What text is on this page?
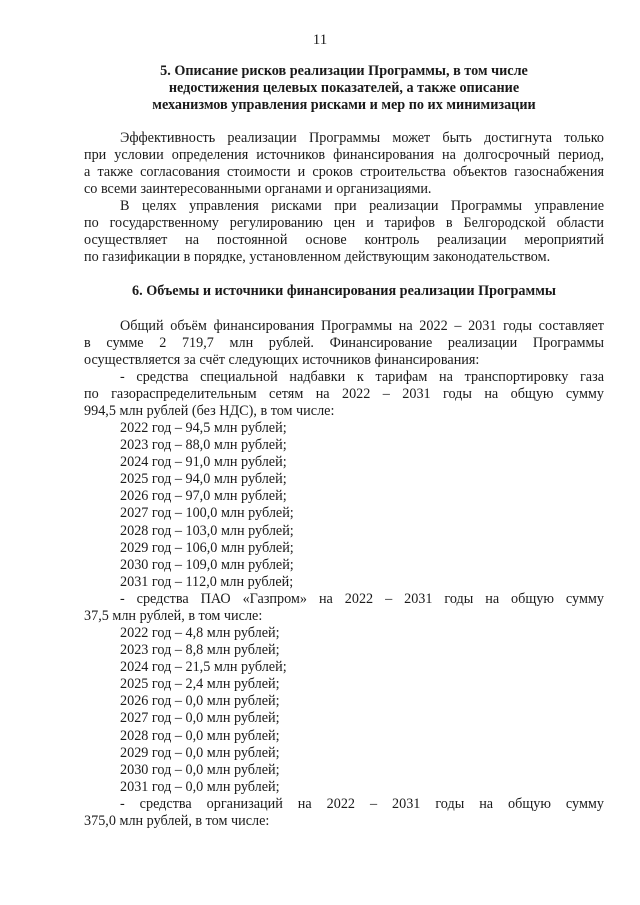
11
5. Описание рисков реализации Программы, в том числе
недостижения целевых показателей, а также описание
механизмов управления рисками и мер по их минимизации
Эффективность реализации Программы может быть достигнута только
при условии определения источников финансирования на долгосрочный период,
а также согласования стоимости и сроков строительства объектов газоснабжения
со всеми заинтересованными органами и организациями.
В целях управления рисками при реализации Программы управление
по государственному регулированию цен и тарифов в Белгородской области
осуществляет на постоянной основе контроль реализации мероприятий
по газификации в порядке, установленном действующим законодательством.
6. Объемы и источники финансирования реализации Программы
Общий объём финансирования Программы на 2022 – 2031 годы составляет
в сумме 2 719,7 млн рублей. Финансирование реализации Программы
осуществляется за счёт следующих источников финансирования:
- средства специальной надбавки к тарифам на транспортировку газа
по газораспределительным сетям на 2022 – 2031 годы на общую сумму
994,5 млн рублей (без НДС), в том числе:
2022 год – 94,5 млн рублей;
2023 год – 88,0 млн рублей;
2024 год – 91,0 млн рублей;
2025 год – 94,0 млн рублей;
2026 год – 97,0 млн рублей;
2027 год – 100,0 млн рублей;
2028 год – 103,0 млн рублей;
2029 год – 106,0 млн рублей;
2030 год – 109,0 млн рублей;
2031 год – 112,0 млн рублей;
- средства ПАО «Газпром» на 2022 – 2031 годы на общую сумму
37,5 млн рублей, в том числе:
2022 год – 4,8 млн рублей;
2023 год – 8,8 млн рублей;
2024 год – 21,5 млн рублей;
2025 год – 2,4 млн рублей;
2026 год – 0,0 млн рублей;
2027 год – 0,0 млн рублей;
2028 год – 0,0 млн рублей;
2029 год – 0,0 млн рублей;
2030 год – 0,0 млн рублей;
2031 год – 0,0 млн рублей;
- средства организаций на 2022 – 2031 годы на общую сумму
375,0 млн рублей, в том числе:
